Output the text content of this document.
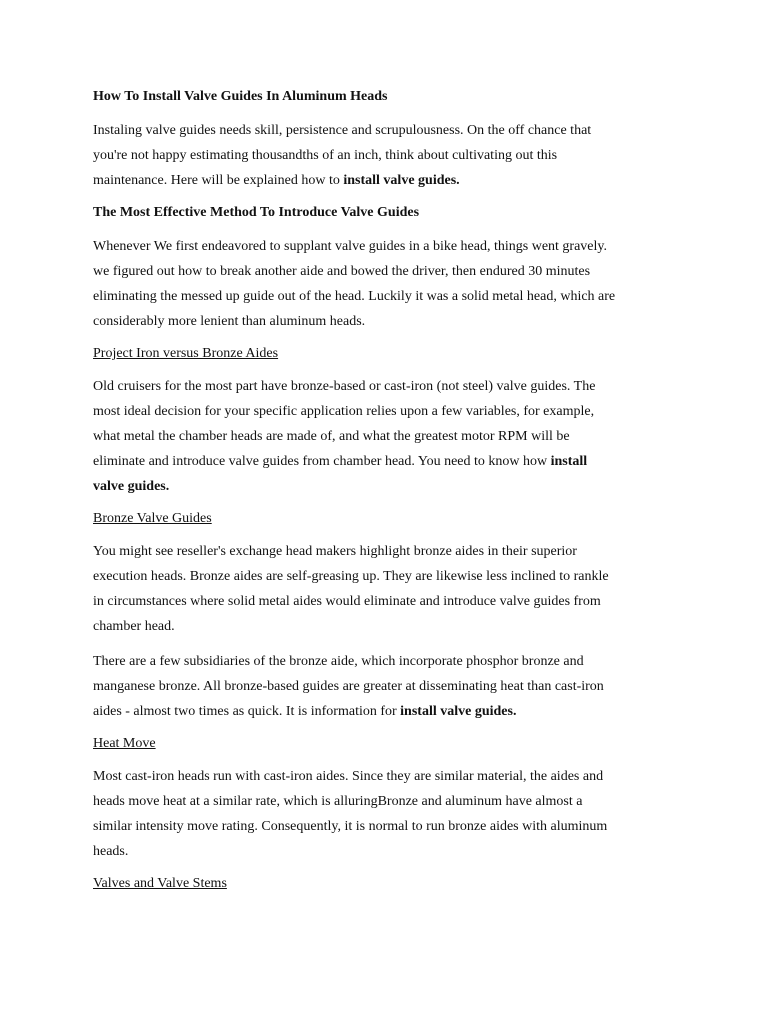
How To Install Valve Guides In Aluminum Heads
Instaling valve guides needs skill, persistence and scrupulousness. On the off chance that
you're not happy estimating thousandths of an inch, think about cultivating out this
maintenance. Here will be explained how to install valve guides.
The Most Effective Method To Introduce Valve Guides
Whenever We first endeavored to supplant valve guides in a bike head, things went gravely.
we figured out how to break another aide and bowed the driver, then endured 30 minutes
eliminating the messed up guide out of the head. Luckily it was a solid metal head, which are
considerably more lenient than aluminum heads.
Project Iron versus Bronze Aides
Old cruisers for the most part have bronze-based or cast-iron (not steel) valve guides. The
most ideal decision for your specific application relies upon a few variables, for example,
what metal the chamber heads are made of, and what the greatest motor RPM will be
eliminate and introduce valve guides from chamber head. You need to know how install
valve guides.
Bronze Valve Guides
You might see reseller's exchange head makers highlight bronze aides in their superior
execution heads. Bronze aides are self-greasing up. They are likewise less inclined to rankle
in circumstances where solid metal aides would eliminate and introduce valve guides from
chamber head.
There are a few subsidiaries of the bronze aide, which incorporate phosphor bronze and
manganese bronze. All bronze-based guides are greater at disseminating heat than cast-iron
aides - almost two times as quick. It is information for install valve guides.
Heat Move
Most cast-iron heads run with cast-iron aides. Since they are similar material, the aides and
heads move heat at a similar rate, which is alluringBronze and aluminum have almost a
similar intensity move rating. Consequently, it is normal to run bronze aides with aluminum
heads.
Valves and Valve Stems
